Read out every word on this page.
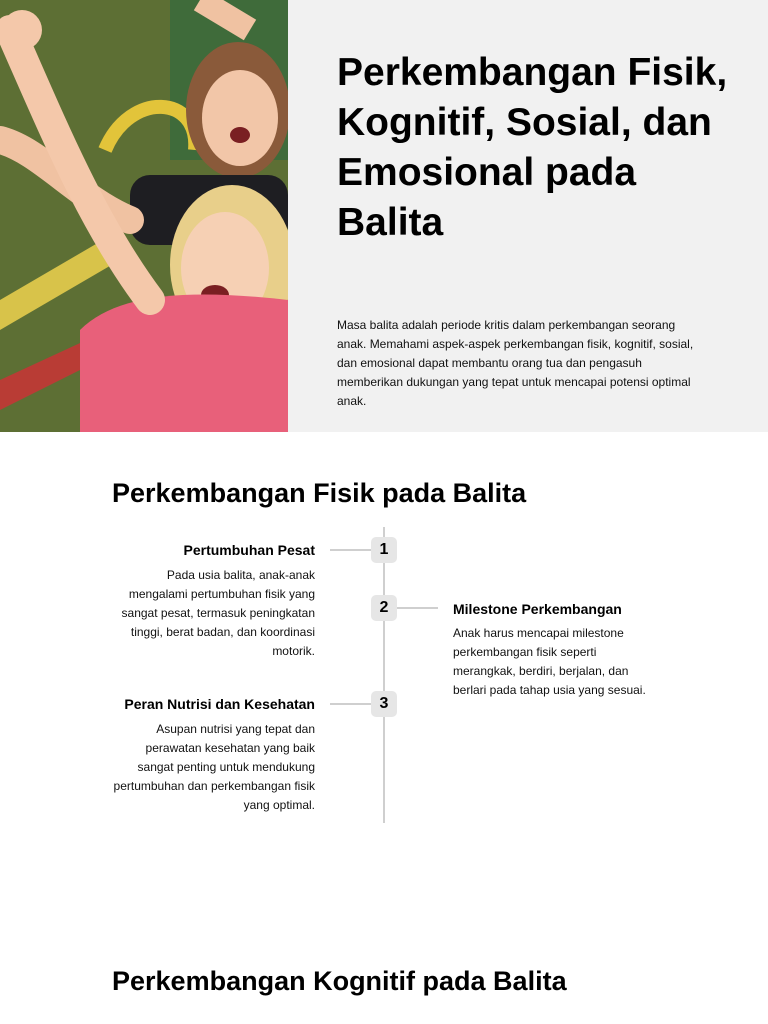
Perkembangan Fisik, Kognitif, Sosial, dan Emosional pada Balita

Masa balita adalah periode kritis dalam perkembangan seorang anak. Memahami aspek-aspek perkembangan fisik, kognitif, sosial, dan emosional dapat membantu orang tua dan pengasuh memberikan dukungan yang tepat untuk mencapai potensi optimal anak.

Perkembangan Fisik pada Balita
1
Pertumbuhan Pesat

Pada usia balita, anak-anak mengalami pertumbuhan fisik yang sangat pesat, termasuk peningkatan tinggi, berat badan, dan koordinasi motorik.

2	Milestone Perkembangan

Anak harus mencapai milestone perkembangan fisik seperti merangkak, berdiri, berjalan, dan berlari pada tahap usia yang sesuai.

3
Peran Nutrisi dan Kesehatan

Asupan nutrisi yang tepat dan perawatan kesehatan yang baik sangat penting untuk mendukung pertumbuhan dan perkembangan fisik yang optimal.

Perkembangan Kognitif pada Balita
